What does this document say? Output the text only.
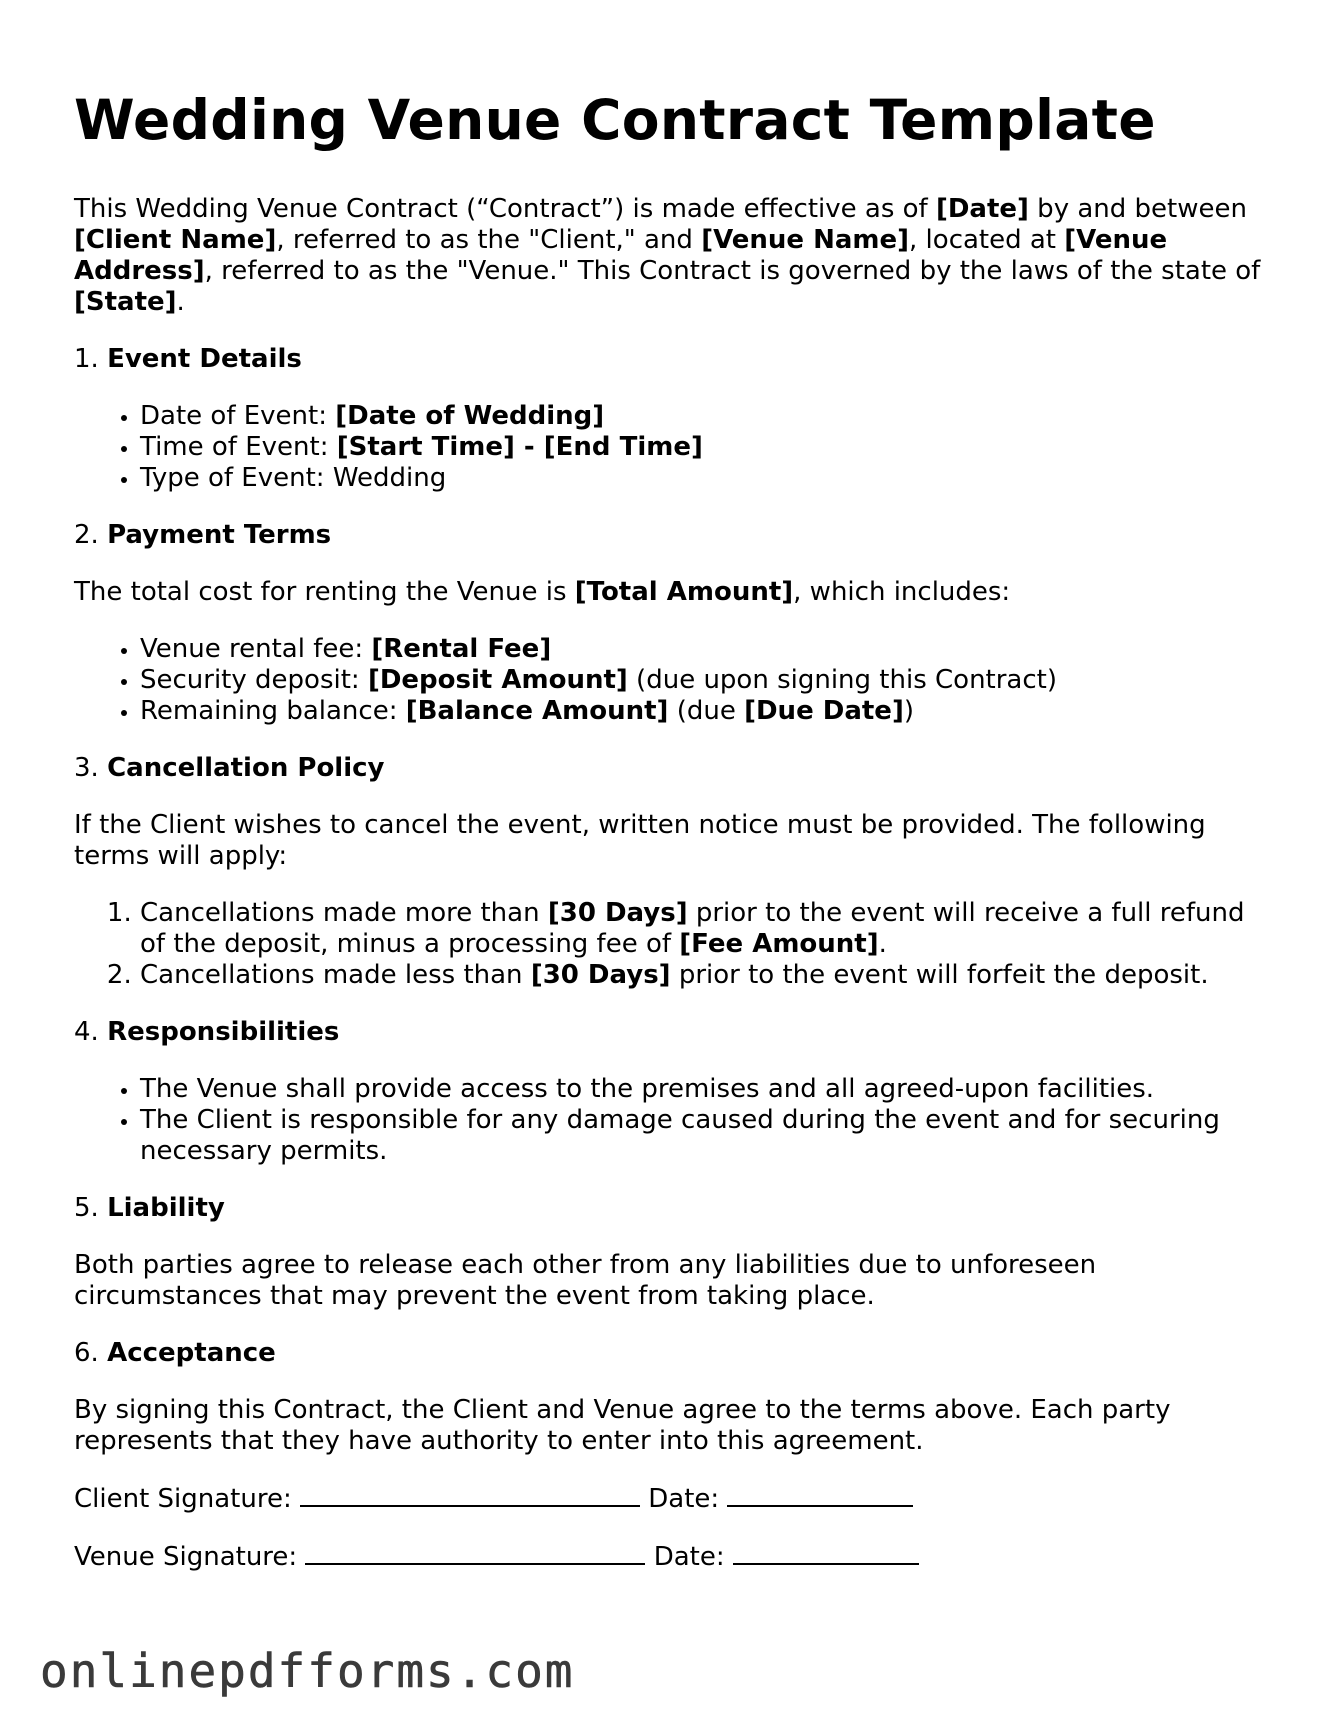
Wedding Venue Contract Template

This Wedding Venue Contract (“Contract”) is made effective as of [Date] by and between [Client Name], referred to as the "Client," and [Venue Name], located at [Venue Address], referred to as the "Venue." This Contract is governed by the laws of the state of [State].

1. Event Details
• Date of Event: [Date of Wedding]
• Time of Event: [Start Time] - [End Time]
• Type of Event: Wedding
2. Payment Terms

The total cost for renting the Venue is [Total Amount], which includes:

• Venue rental fee: [Rental Fee]
• Security deposit: [Deposit Amount] (due upon signing this Contract)
• Remaining balance: [Balance Amount] (due [Due Date])
3. Cancellation Policy

If the Client wishes to cancel the event, written notice must be provided. The following terms will apply:

1. Cancellations made more than [30 Days] prior to the event will receive a full refund of the deposit, minus a processing fee of [Fee Amount].
2. Cancellations made less than [30 Days] prior to the event will forfeit the deposit.
4. Responsibilities
• The Venue shall provide access to the premises and all agreed-upon facilities.
• The Client is responsible for any damage caused during the event and for securing necessary permits.
5. Liability

Both parties agree to release each other from any liabilities due to unforeseen circumstances that may prevent the event from taking place.

6. Acceptance

By signing this Contract, the Client and Venue agree to the terms above. Each party represents that they have authority to enter into this agreement.

Client Signature:	Date:
Venue Signature:	Date:
onlinepdfforms.com
